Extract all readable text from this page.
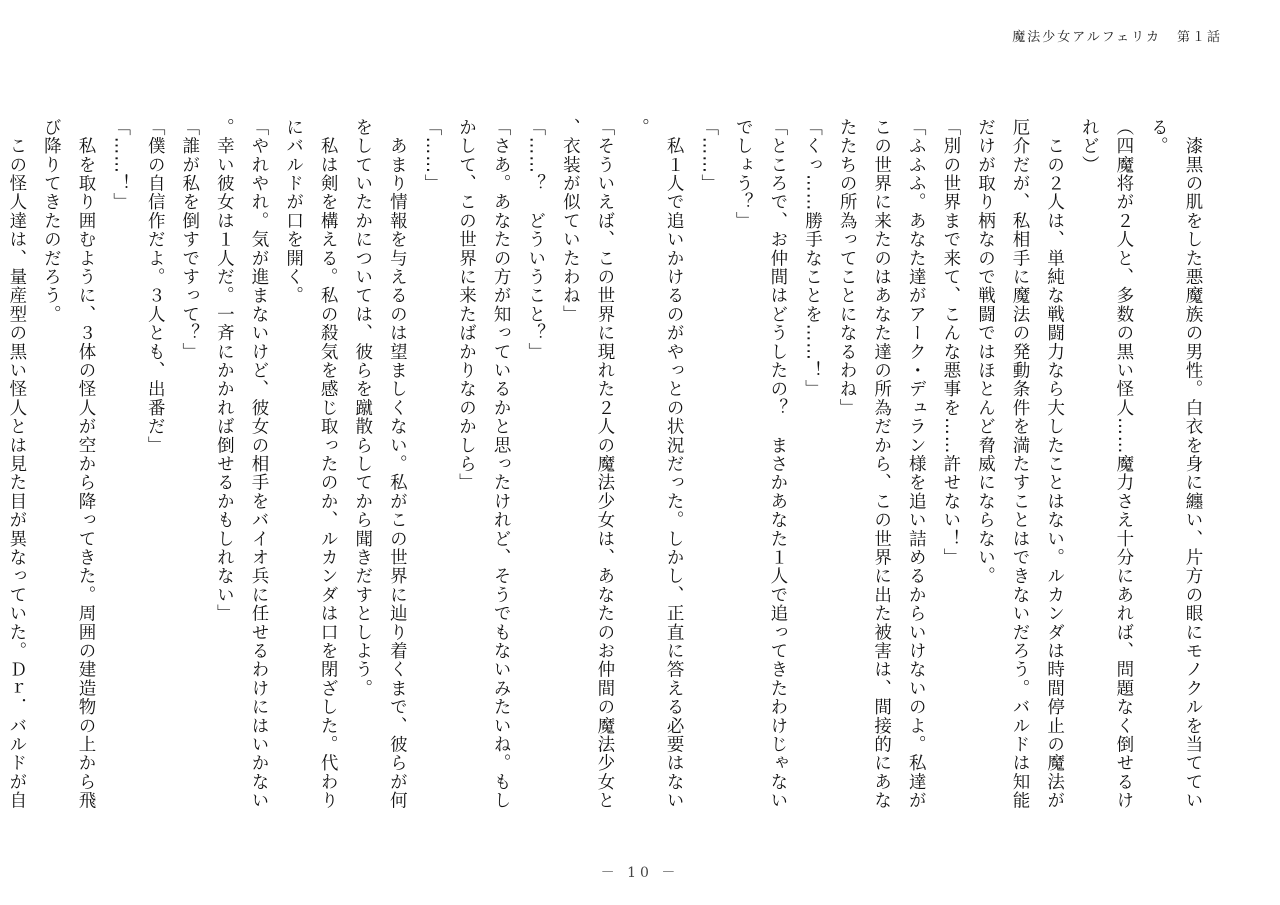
魔法少女アルフェリカ 第１話

　漆黒の肌をした悪魔族の男性。白衣を身に纏い、片方の眼にモノクルを当てている。

（四魔将が２人と、多数の黒い怪人……魔力さえ十分にあれば、問題なく倒せるけれど）

　この２人は、単純な戦闘力なら大したことはない。ルカンダは時間停止の魔法が厄介だが、私相手に魔法の発動条件を満たすことはできないだろう。バルドは知能だけが取り柄なので戦闘ではほとんど脅威にならない。

「別の世界まで来て、こんな悪事を……許せない！」

「ふふふ。あなた達がアーク・デュラン様を追い詰めるからいけないのよ。私達がこの世界に来たのはあなた達の所為だから、この世界に出た被害は、間接的にあなたたちの所為ってことになるわね」

「くっ……勝手なことを……！」

「ところで、お仲間はどうしたの？　まさかあなた１人で追ってきたわけじゃないでしょう？」

「……」

　私１人で追いかけるのがやっとの状況だった。しかし、正直に答える必要はない。

「そういえば、この世界に現れた２人の魔法少女は、あなたのお仲間の魔法少女と、衣装が似ていたわね」

「……？　どういうこと？」

「さあ。あなたの方が知っているかと思ったけれど、そうでもないみたいね。もしかして、この世界に来たばかりなのかしら」

「……」

　あまり情報を与えるのは望ましくない。私がこの世界に辿り着くまで、彼らが何をしていたかについては、彼らを蹴散らしてから聞きだすとしよう。

　私は剣を構える。私の殺気を感じ取ったのか、ルカンダは口を閉ざした。代わりにバルドが口を開く。

「やれやれ。気が進まないけど、彼女の相手をバイオ兵に任せるわけにはいかない。幸い彼女は１人だ。一斉にかかれば倒せるかもしれない」

「誰が私を倒すですって？」

「僕の自信作だよ。３人とも、出番だ」

「……！」

　私を取り囲むように、３体の怪人が空から降ってきた。周囲の建造物の上から飛び降りてきたのだろう。

　この怪人達は、量産型の黒い怪人とは見た目が異なっていた。Ｄｒ．バルドが自

－ 10 －
